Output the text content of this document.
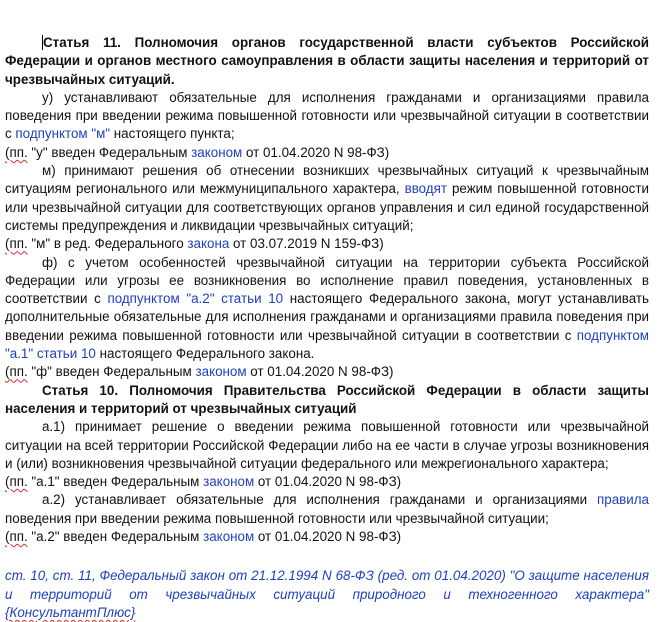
Статья 11. Полномочия органов государственной власти субъектов Российской Федерации и органов местного самоуправления в области защиты населения и территорий от чрезвычайных ситуаций.

у) устанавливают обязательные для исполнения гражданами и организациями правила поведения при введении режима повышенной готовности или чрезвычайной ситуации в соответствии с подпунктом "м" настоящего пункта;

(пп. "у" введен Федеральным законом от 01.04.2020 N 98-ФЗ)

м) принимают решения об отнесении возникших чрезвычайных ситуаций к чрезвычайным ситуациям регионального или межмуниципального характера, вводят режим повышенной готовности или чрезвычайной ситуации для соответствующих органов управления и сил единой государственной системы предупреждения и ликвидации чрезвычайных ситуаций;

(пп. "м" в ред. Федерального закона от 03.07.2019 N 159-ФЗ)

ф) с учетом особенностей чрезвычайной ситуации на территории субъекта Российской Федерации или угрозы ее возникновения во исполнение правил поведения, установленных в соответствии с подпунктом "а.2" статьи 10 настоящего Федерального закона, могут устанавливать дополнительные обязательные для исполнения гражданами и организациями правила поведения при введении режима повышенной готовности или чрезвычайной ситуации в соответствии с подпунктом "а.1" статьи 10 настоящего Федерального закона.

(пп. "ф" введен Федеральным законом от 01.04.2020 N 98-ФЗ)

Статья 10. Полномочия Правительства Российской Федерации в области защиты населения и территорий от чрезвычайных ситуаций

а.1) принимает решение о введении режима повышенной готовности или чрезвычайной ситуации на всей территории Российской Федерации либо на ее части в случае угрозы возникновения и (или) возникновения чрезвычайной ситуации федерального или межрегионального характера;

(пп. "а.1" введен Федеральным законом от 01.04.2020 N 98-ФЗ)

а.2) устанавливает обязательные для исполнения гражданами и организациями правила поведения при введении режима повышенной готовности или чрезвычайной ситуации;

(пп. "а.2" введен Федеральным законом от 01.04.2020 N 98-ФЗ)

ст. 10, ст. 11, Федеральный закон от 21.12.1994 N 68-ФЗ (ред. от 01.04.2020) "О защите населения и территорий от чрезвычайных ситуаций природного и техногенного характера" {КонсультантПлюс}
